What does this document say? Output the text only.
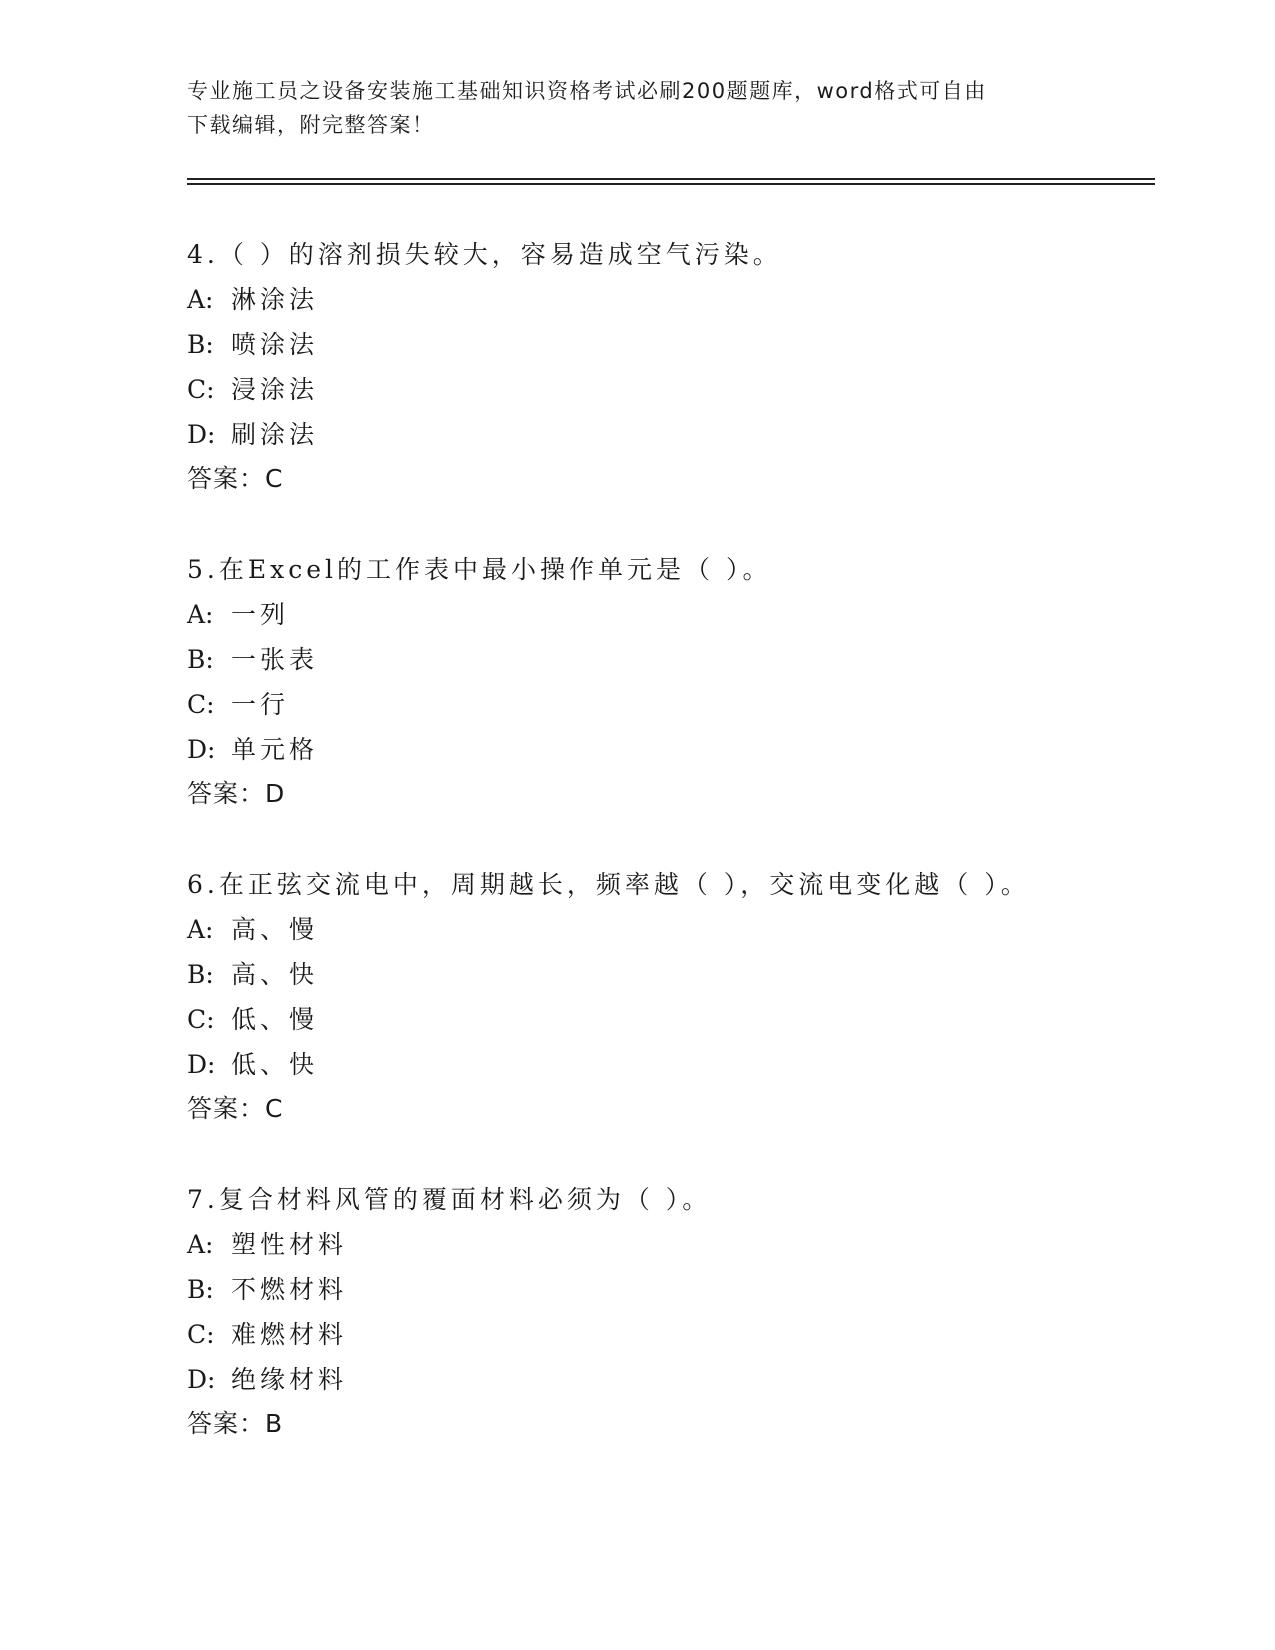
专业施工员之设备安装施工基础知识资格考试必刷200题题库，word格式可自由
下载编辑，附完整答案！
4.（ ）的溶剂损失较大，容易造成空气污染。
A: 淋涂法
B: 喷涂法
C: 浸涂法
D: 刷涂法
答案：C
5.在Excel的工作表中最小操作单元是（ ）。
A: 一列
B: 一张表
C: 一行
D: 单元格
答案：D
6.在正弦交流电中，周期越长，频率越（ ），交流电变化越（ ）。
A: 高、慢
B: 高、快
C: 低、慢
D: 低、快
答案：C
7.复合材料风管的覆面材料必须为（ ）。
A: 塑性材料
B: 不燃材料
C: 难燃材料
D: 绝缘材料
答案：B
